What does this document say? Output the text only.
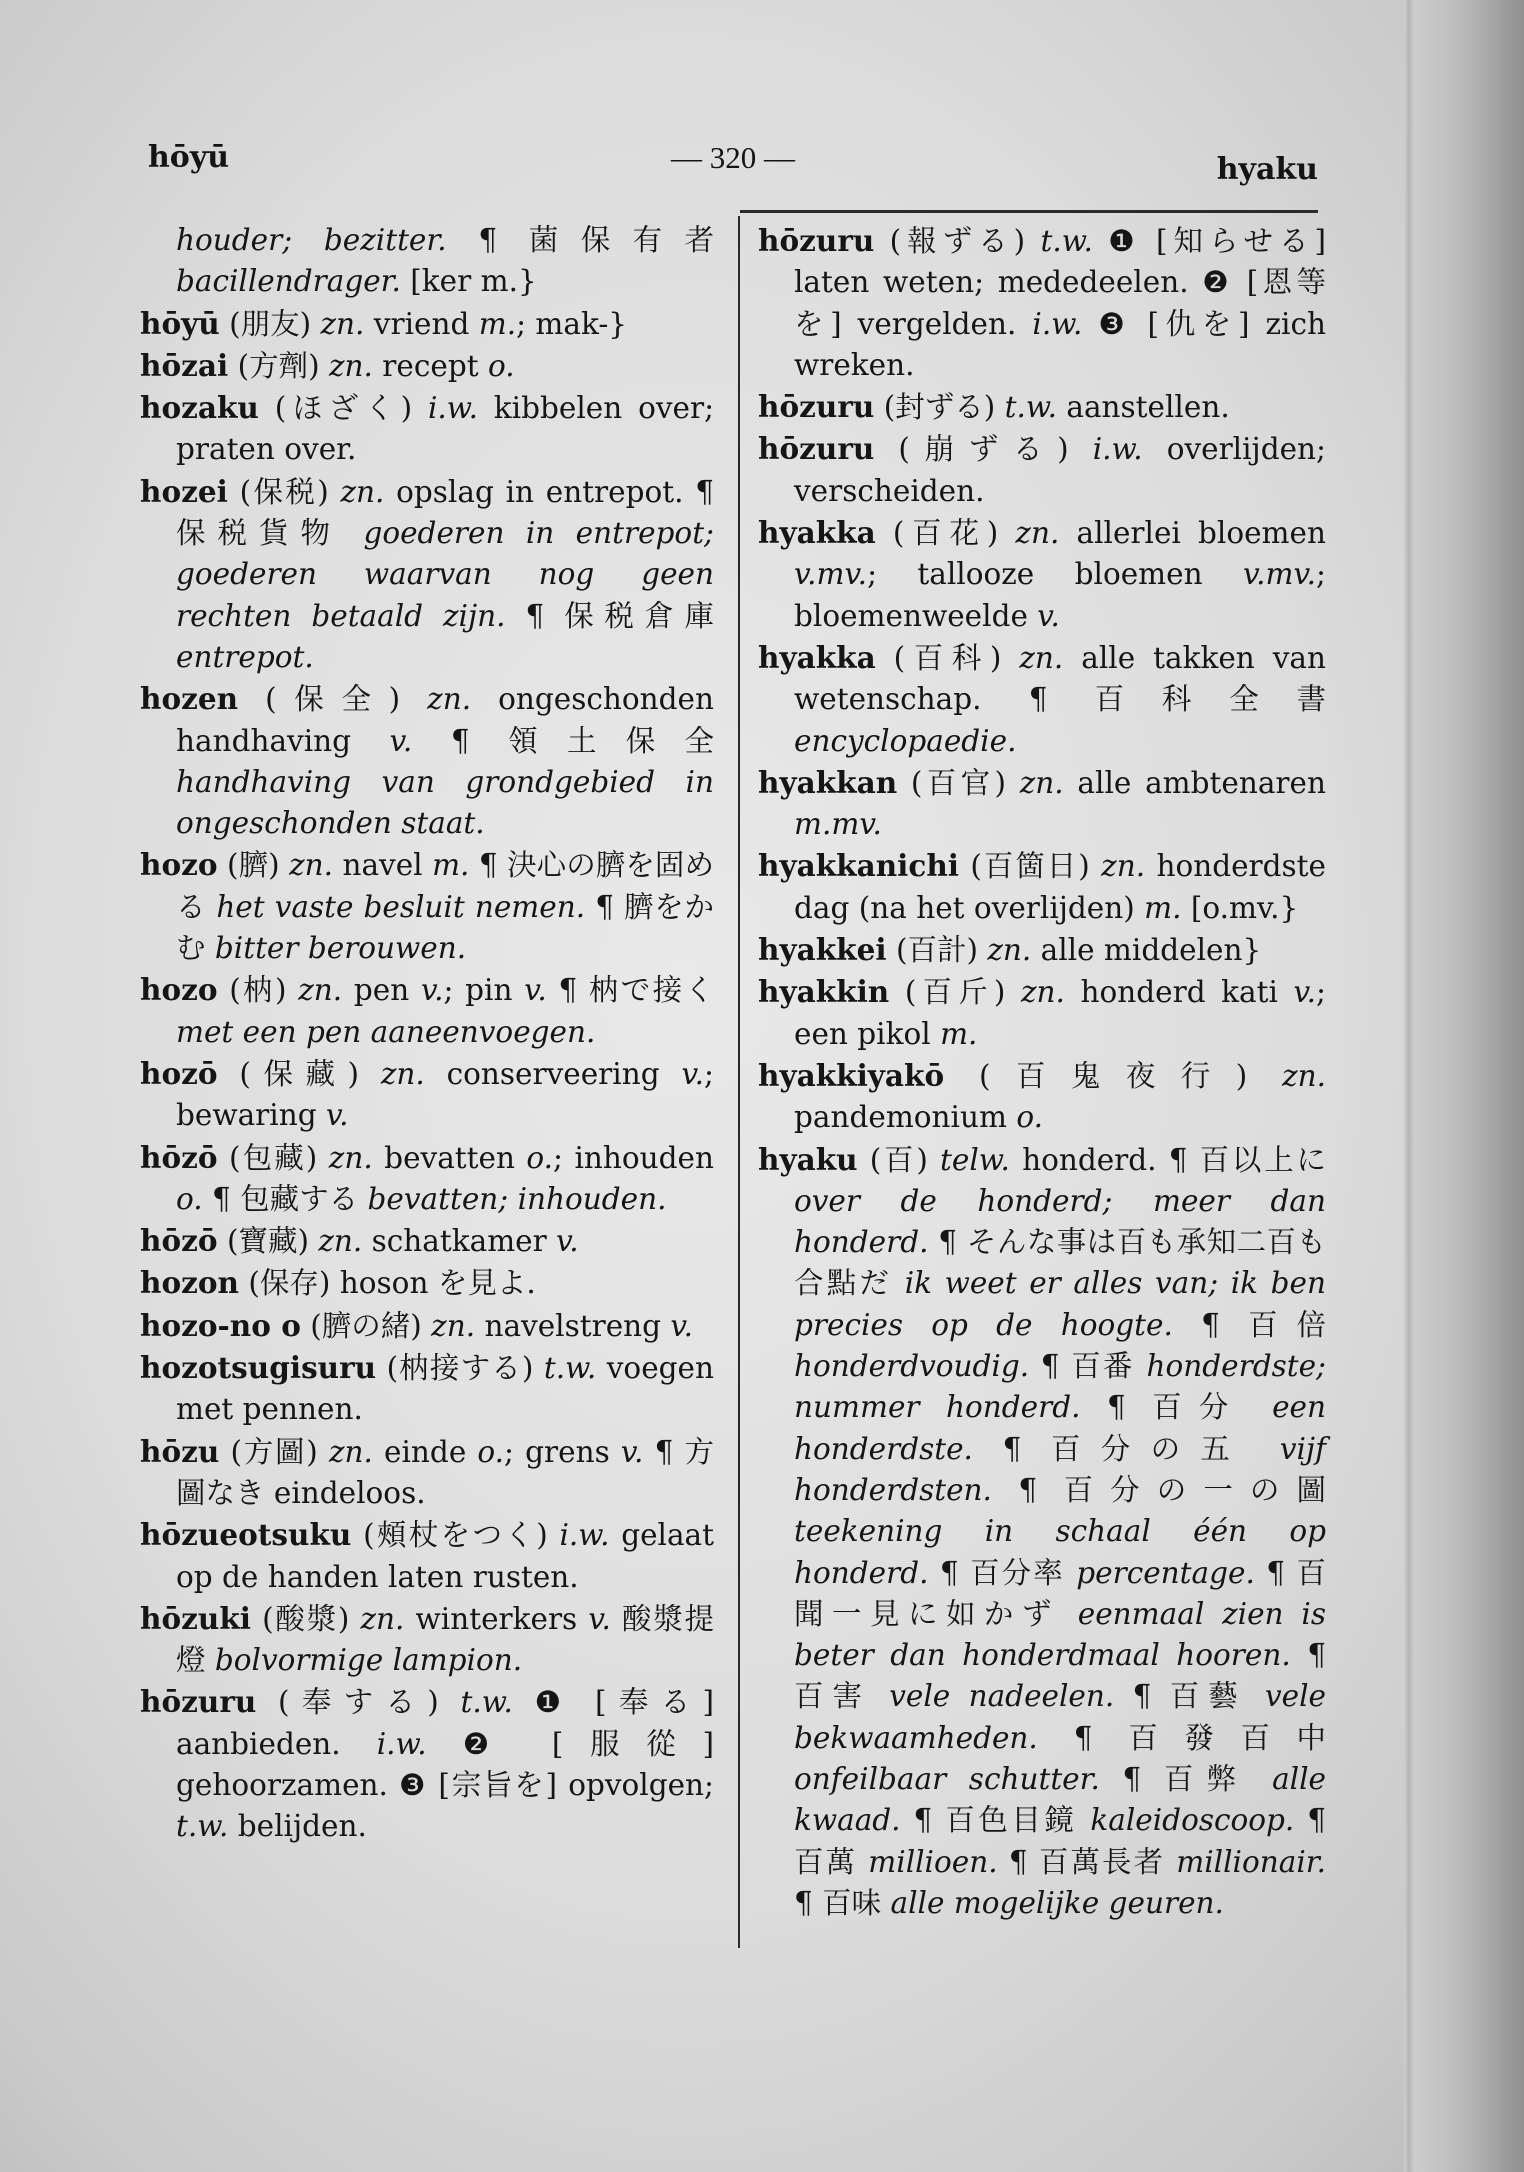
hōyū	— 320 —	hyaku
houder; bezitter. ¶ 菌保有者 bacillendrager. [ker m.}
hōyū (朋友) zn. vriend m.; mak-}
hōzai (方劑) zn. recept o.
hozaku (ほざく) i.w. kibbelen over; praten over.
hozei (保税) zn. opslag in entrepot. ¶ 保税貨物 goederen in entrepot; goederen waarvan nog geen rechten betaald zijn. ¶ 保税倉庫 entrepot.
hozen (保全) zn. ongeschonden handhaving v. ¶ 領土保全 handhaving van grondgebied in ongeschonden staat.
hozo (臍) zn. navel m. ¶ 決心の臍を固める het vaste besluit nemen. ¶ 臍をかむ bitter berouwen.
hozo (枘) zn. pen v.; pin v. ¶ 枘で接く met een pen aaneenvoegen.
hozō (保藏) zn. conserveering v.; bewaring v.
hōzō (包藏) zn. bevatten o.; inhouden o. ¶ 包藏する bevatten; inhouden.
hōzō (寶藏) zn. schatkamer v.
hozon (保存) hoson を見よ.
hozo-no o (臍の緒) zn. navelstreng v.
hozotsugisuru (枘接する) t.w. voegen met pennen.
hōzu (方圖) zn. einde o.; grens v. ¶ 方圖なき eindeloos.
hōzueotsuku (頰杖をつく) i.w. gelaat op de handen laten rusten.
hōzuki (酸漿) zn. winterkers v. 酸漿提燈 bolvormige lampion.
hōzuru (奉する) t.w. ❶ [奉る] aanbieden. i.w. ❷ [服從] gehoorzamen. ❸ [宗旨を] opvolgen; t.w. belijden.
hōzuru (報ずる) t.w. ❶ [知らせる] laten weten; mededeelen. ❷ [恩等を] vergelden. i.w. ❸ [仇を] zich wreken.
hōzuru (封ずる) t.w. aanstellen.
hōzuru (崩ずる) i.w. overlijden; verscheiden.
hyakka (百花) zn. allerlei bloemen v.mv.; tallooze bloemen v.mv.; bloemenweelde v.
hyakka (百科) zn. alle takken van wetenschap. ¶ 百科全書 encyclopaedie.
hyakkan (百官) zn. alle ambtenaren m.mv.
hyakkanichi (百箇日) zn. honderdste dag (na het overlijden) m. [o.mv.}
hyakkei (百計) zn. alle middelen}
hyakkin (百斤) zn. honderd kati v.; een pikol m.
hyakkiyakō (百鬼夜行) zn. pandemonium o.
hyaku (百) telw. honderd. ¶ 百以上に over de honderd; meer dan honderd. ¶ そんな事は百も承知二百も合點だ ik weet er alles van; ik ben precies op de hoogte. ¶ 百倍 honderdvoudig. ¶ 百番 honderdste; nummer honderd. ¶ 百分 een honderdste. ¶ 百分の五 vijf honderdsten. ¶ 百分の一の圖 teekening in schaal één op honderd. ¶ 百分率 percentage. ¶ 百聞一見に如かず eenmaal zien is beter dan honderdmaal hooren. ¶ 百害 vele nadeelen. ¶ 百藝 vele bekwaamheden. ¶ 百發百中 onfeilbaar schutter. ¶ 百弊 alle kwaad. ¶ 百色目鏡 kaleidoscoop. ¶ 百萬 millioen. ¶ 百萬長者 millionair. ¶ 百味 alle mogelijke geuren.
